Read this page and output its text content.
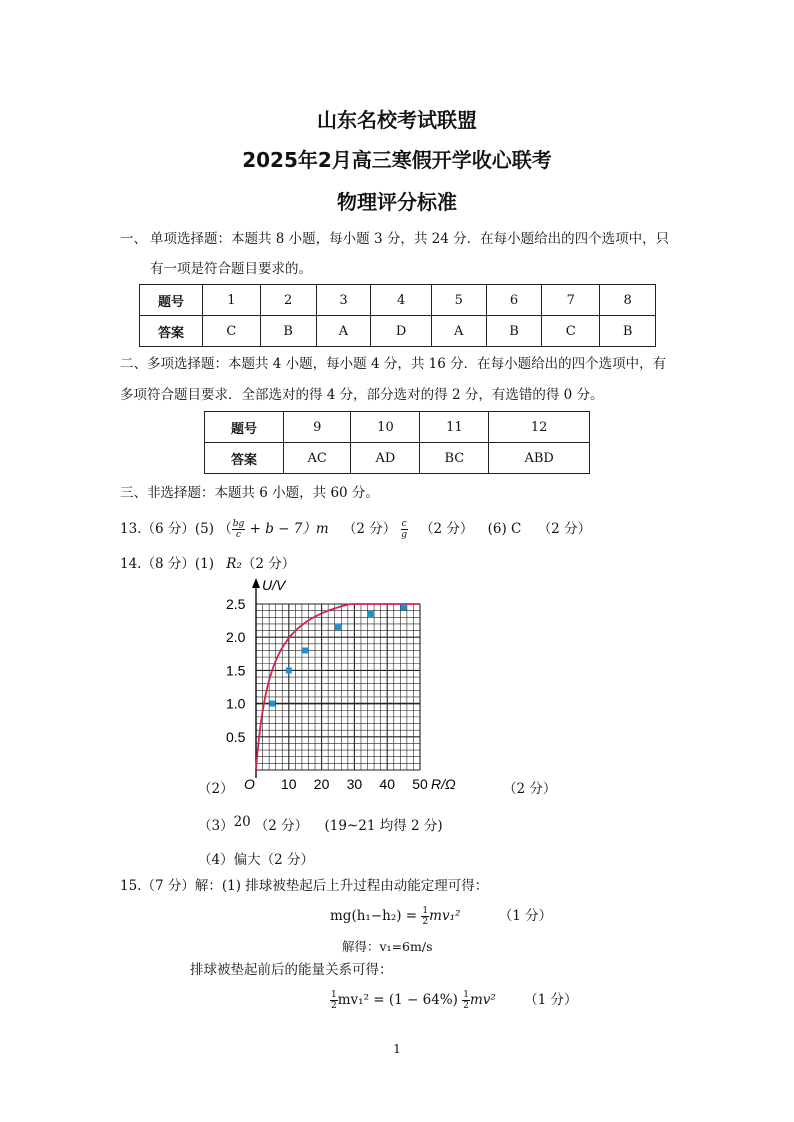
山东名校考试联盟
2025年2月高三寒假开学收心联考
物理评分标准
一、 单项选择题：本题共 8 小题，每小题 3 分，共 24 分．在每小题给出的四个选项中，只
有一项是符合题目要求的。
题号	1	2	3	4	5	6	7	8
答案	C	B	A	D	A	B	C	B
二、多项选择题：本题共 4 小题，每小题 4 分，共 16 分．在每小题给出的四个选项中，有
多项符合题目要求．全部选对的得 4 分，部分选对的得 2 分，有选错的得 0 分。
题号	9	10	11	12
答案	AC	AD	BC	ABD
三、非选择题：本题共 6 小题，共 60 分。
13.（6 分）(5) （ $\frac{bg}{c} + b - 7)m$ （2 分） $\frac{c}{g} (2$ 分） (6) C （2 分）
14.（8 分）(1) R₂（2 分）
0.5
1.0
1.5
2.0
2.5
10 20 30 40 50
U/V
R/Ω
O
（2）	（2 分）
（3）20 （2 分） (19~21 均得 2 分)
（4）偏大（2 分）
15.（7 分）解：(1) 排球被垫起后上升过程由动能定理可得：
$mg(h_1-h_2) = \frac{1}{2} mv_1^2$	（1 分）
解得：v₁=6m/s
排球被垫起前后的能量关系可得：
$\frac{1}{2} mv_1^2 = (1 - 64\%) \frac{1}{2} mv^2$ （1 分）
1
